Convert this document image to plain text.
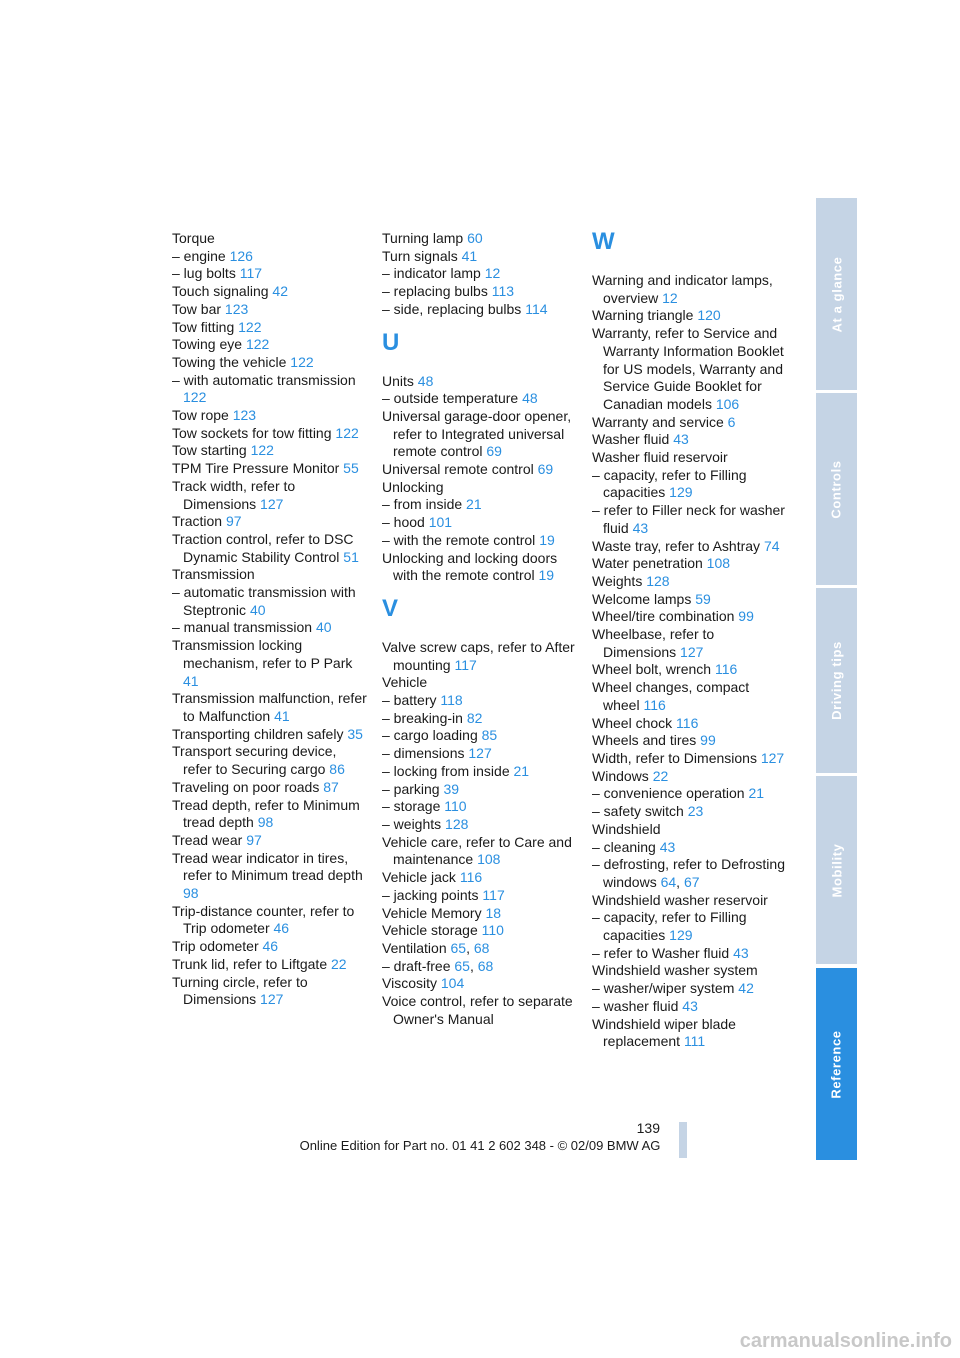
Torque
– engine 126
– lug bolts 117
Touch signaling 42
Tow bar 123
Tow fitting 122
Towing eye 122
Towing the vehicle 122
– with automatic transmission 122
Tow rope 123
Tow sockets for tow fitting 122
Tow starting 122
TPM Tire Pressure Monitor 55
Track width, refer to Dimensions 127
Traction 97
Traction control, refer to DSC Dynamic Stability Control 51
Transmission
– automatic transmission with Steptronic 40
– manual transmission 40
Transmission locking mechanism, refer to P Park 41
Transmission malfunction, refer to Malfunction 41
Transporting children safely 35
Transport securing device, refer to Securing cargo 86
Traveling on poor roads 87
Tread depth, refer to Minimum tread depth 98
Tread wear 97
Tread wear indicator in tires, refer to Minimum tread depth 98
Trip-distance counter, refer to Trip odometer 46
Trip odometer 46
Trunk lid, refer to Liftgate 22
Turning circle, refer to Dimensions 127
Turning lamp 60
Turn signals 41
– indicator lamp 12
– replacing bulbs 113
– side, replacing bulbs 114
U
Units 48
– outside temperature 48
Universal garage-door opener, refer to Integrated universal remote control 69
Universal remote control 69
Unlocking
– from inside 21
– hood 101
– with the remote control 19
Unlocking and locking doors with the remote control 19
V
Valve screw caps, refer to After mounting 117
Vehicle
– battery 118
– breaking-in 82
– cargo loading 85
– dimensions 127
– locking from inside 21
– parking 39
– storage 110
– weights 128
Vehicle care, refer to Care and maintenance 108
Vehicle jack 116
– jacking points 117
Vehicle Memory 18
Vehicle storage 110
Ventilation 65, 68
– draft-free 65, 68
Viscosity 104
Voice control, refer to separate Owner's Manual
W
Warning and indicator lamps, overview 12
Warning triangle 120
Warranty, refer to Service and Warranty Information Booklet for US models, Warranty and Service Guide Booklet for Canadian models 106
Warranty and service 6
Washer fluid 43
Washer fluid reservoir
– capacity, refer to Filling capacities 129
– refer to Filler neck for washer fluid 43
Waste tray, refer to Ashtray 74
Water penetration 108
Weights 128
Welcome lamps 59
Wheel/tire combination 99
Wheelbase, refer to Dimensions 127
Wheel bolt, wrench 116
Wheel changes, compact wheel 116
Wheel chock 116
Wheels and tires 99
Width, refer to Dimensions 127
Windows 22
– convenience operation 21
– safety switch 23
Windshield
– cleaning 43
– defrosting, refer to Defrosting windows 64, 67
Windshield washer reservoir
– capacity, refer to Filling capacities 129
– refer to Washer fluid 43
Windshield washer system
– washer/wiper system 42
– washer fluid 43
Windshield wiper blade replacement 111
At a glance
Controls
Driving tips
Mobility
Reference
139
Online Edition for Part no. 01 41 2 602 348 - © 02/09 BMW AG
carmanualsonline.info
